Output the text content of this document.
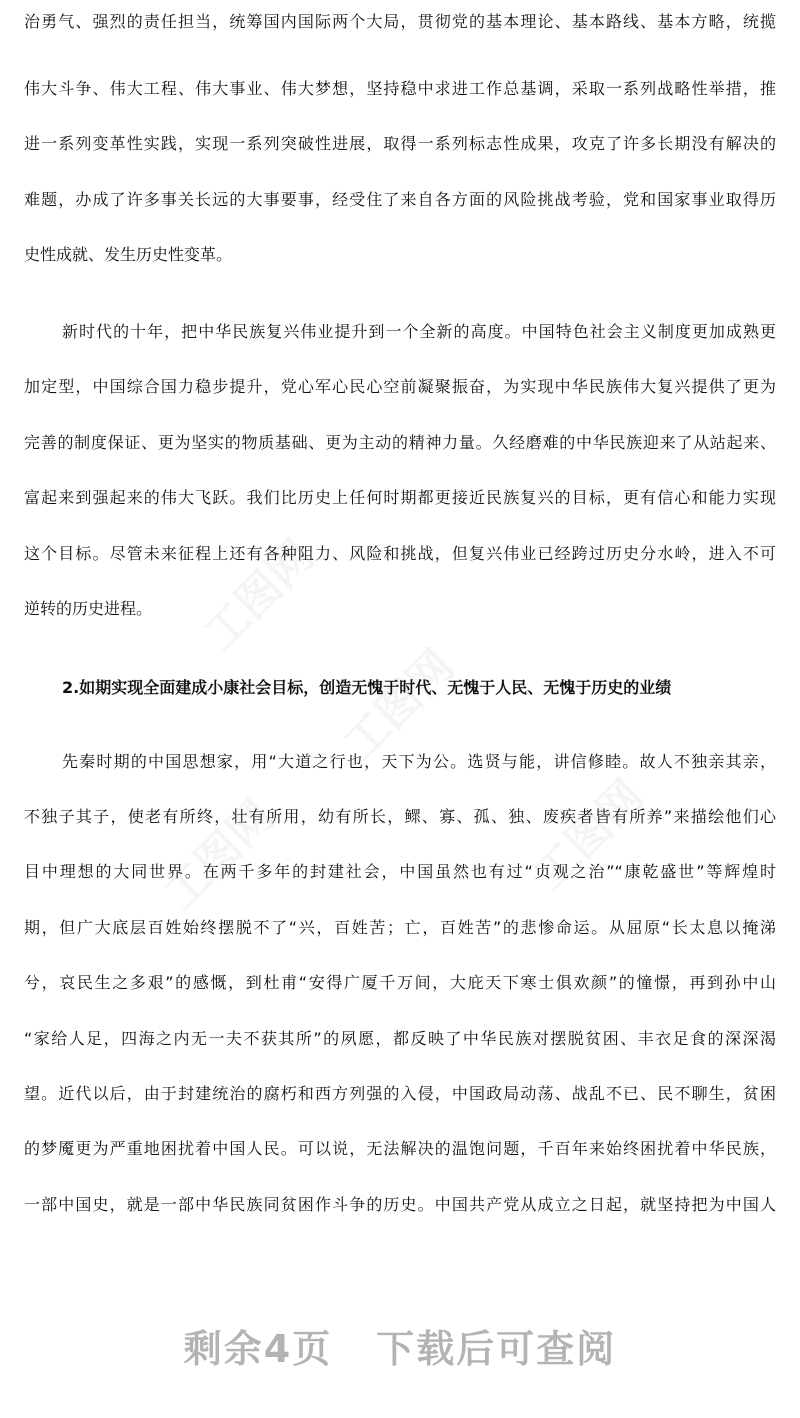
治勇气、强烈的责任担当，统筹国内国际两个大局，贯彻党的基本理论、基本路线、基本方略，统揽
伟大斗争、伟大工程、伟大事业、伟大梦想，坚持稳中求进工作总基调，采取一系列战略性举措，推
进一系列变革性实践，实现一系列突破性进展，取得一系列标志性成果，攻克了许多长期没有解决的
难题，办成了许多事关长远的大事要事，经受住了来自各方面的风险挑战考验，党和国家事业取得历
史性成就、发生历史性变革。
新时代的十年，把中华民族复兴伟业提升到一个全新的高度。中国特色社会主义制度更加成熟更
加定型，中国综合国力稳步提升，党心军心民心空前凝聚振奋，为实现中华民族伟大复兴提供了更为
完善的制度保证、更为坚实的物质基础、更为主动的精神力量。久经磨难的中华民族迎来了从站起来、
富起来到强起来的伟大飞跃。我们比历史上任何时期都更接近民族复兴的目标，更有信心和能力实现
这个目标。尽管未来征程上还有各种阻力、风险和挑战，但复兴伟业已经跨过历史分水岭，进入不可
逆转的历史进程。
2.如期实现全面建成小康社会目标，创造无愧于时代、无愧于人民、无愧于历史的业绩
先秦时期的中国思想家，用“大道之行也，天下为公。选贤与能，讲信修睦。故人不独亲其亲，
不独子其子，使老有所终，壮有所用，幼有所长，鳏、寡、孤、独、废疾者皆有所养”来描绘他们心
目中理想的大同世界。在两千多年的封建社会，中国虽然也有过“贞观之治”“康乾盛世”等辉煌时
期，但广大底层百姓始终摆脱不了“兴，百姓苦；亡，百姓苦”的悲惨命运。从屈原“长太息以掩涕
兮，哀民生之多艰”的感慨，到杜甫“安得广厦千万间，大庇天下寒士俱欢颜”的憧憬，再到孙中山
“家给人足，四海之内无一夫不获其所”的夙愿，都反映了中华民族对摆脱贫困、丰衣足食的深深渴
望。近代以后，由于封建统治的腐朽和西方列强的入侵，中国政局动荡、战乱不已、民不聊生，贫困
的梦魇更为严重地困扰着中国人民。可以说，无法解决的温饱问题，千百年来始终困扰着中华民族，
一部中国史，就是一部中华民族同贫困作斗争的历史。中国共产党从成立之日起，就坚持把为中国人
剩余4页 下载后可查阅
